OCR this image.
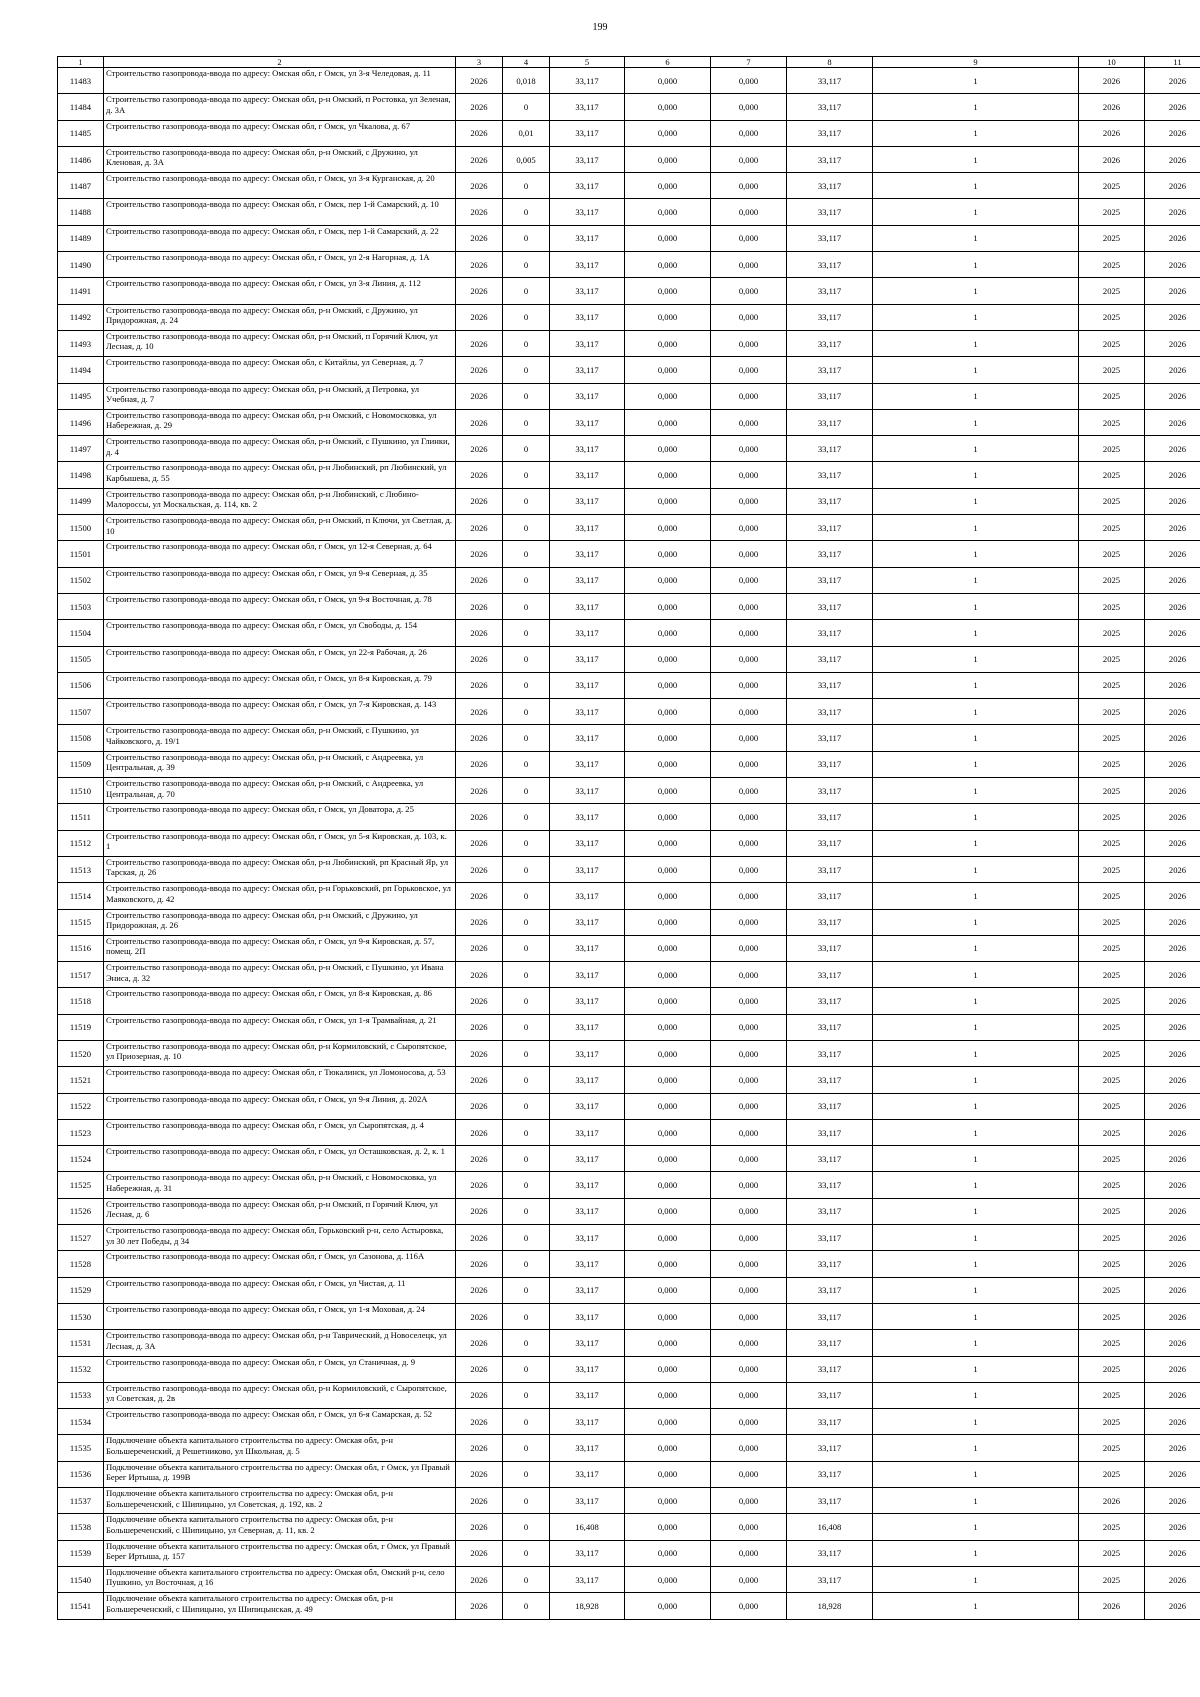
199
1	2	3	4	5	6	7	8	9	10	11
11483	Строительство газопровода-ввода по адресу: Омская обл, г Омск, ул 3-я Челедовая, д. 11	2026	0,018	33,117	0,000	0,000	33,117	1	2026	2026
11484	Строительство газопровода-ввода по адресу: Омская обл, р-н Омский, п Ростовка, ул Зеленая, д. 3А	2026	0	33,117	0,000	0,000	33,117	1	2026	2026
11485	Строительство газопровода-ввода по адресу: Омская обл, г Омск, ул Чкалова, д. 67	2026	0,01	33,117	0,000	0,000	33,117	1	2026	2026
11486	Строительство газопровода-ввода по адресу: Омская обл, р-н Омский, с Дружино, ул Кленовая, д. 3А	2026	0,005	33,117	0,000	0,000	33,117	1	2026	2026
11487	Строительство газопровода-ввода по адресу: Омская обл, г Омск, ул 3-я Курганская, д. 20	2026	0	33,117	0,000	0,000	33,117	1	2025	2026
11488	Строительство газопровода-ввода по адресу: Омская обл, г Омск, пер 1-й Самарский, д. 10	2026	0	33,117	0,000	0,000	33,117	1	2025	2026
11489	Строительство газопровода-ввода по адресу: Омская обл, г Омск, пер 1-й Самарский, д. 22	2026	0	33,117	0,000	0,000	33,117	1	2025	2026
11490	Строительство газопровода-ввода по адресу: Омская обл, г Омск, ул 2-я Нагорная, д. 1А	2026	0	33,117	0,000	0,000	33,117	1	2025	2026
11491	Строительство газопровода-ввода по адресу: Омская обл, г Омск, ул 3-я Линия, д. 112	2026	0	33,117	0,000	0,000	33,117	1	2025	2026
11492	Строительство газопровода-ввода по адресу: Омская обл, р-н Омский, с Дружино, ул Придорожная, д. 24	2026	0	33,117	0,000	0,000	33,117	1	2025	2026
11493	Строительство газопровода-ввода по адресу: Омская обл, р-н Омский, п Горячий Ключ, ул Лесная, д. 10	2026	0	33,117	0,000	0,000	33,117	1	2025	2026
11494	Строительство газопровода-ввода по адресу: Омская обл, с Китайлы, ул Северная, д. 7	2026	0	33,117	0,000	0,000	33,117	1	2025	2026
11495	Строительство газопровода-ввода по адресу: Омская обл, р-н Омский, д Петровка, ул Учебная, д. 7	2026	0	33,117	0,000	0,000	33,117	1	2025	2026
11496	Строительство газопровода-ввода по адресу: Омская обл, р-н Омский, с Новомосковка, ул Набережная, д. 29	2026	0	33,117	0,000	0,000	33,117	1	2025	2026
11497	Строительство газопровода-ввода по адресу: Омская обл, р-н Омский, с Пушкино, ул Глинки, д. 4	2026	0	33,117	0,000	0,000	33,117	1	2025	2026
11498	Строительство газопровода-ввода по адресу: Омская обл, р-н Любинский, рп Любинский, ул Карбышева, д. 55	2026	0	33,117	0,000	0,000	33,117	1	2025	2026
11499	Строительство газопровода-ввода по адресу: Омская обл, р-н Любинский, с Любино-Малороссы, ул Москальская, д. 114, кв. 2	2026	0	33,117	0,000	0,000	33,117	1	2025	2026
11500	Строительство газопровода-ввода по адресу: Омская обл, р-н Омский, п Ключи, ул Светлая, д. 10	2026	0	33,117	0,000	0,000	33,117	1	2025	2026
11501	Строительство газопровода-ввода по адресу: Омская обл, г Омск, ул 12-я Северная, д. 64	2026	0	33,117	0,000	0,000	33,117	1	2025	2026
11502	Строительство газопровода-ввода по адресу: Омская обл, г Омск, ул 9-я Северная, д. 35	2026	0	33,117	0,000	0,000	33,117	1	2025	2026
11503	Строительство газопровода-ввода по адресу: Омская обл, г Омск, ул 9-я Восточная, д. 78	2026	0	33,117	0,000	0,000	33,117	1	2025	2026
11504	Строительство газопровода-ввода по адресу: Омская обл, г Омск, ул Свободы, д. 154	2026	0	33,117	0,000	0,000	33,117	1	2025	2026
11505	Строительство газопровода-ввода по адресу: Омская обл, г Омск, ул 22-я Рабочая, д. 26	2026	0	33,117	0,000	0,000	33,117	1	2025	2026
11506	Строительство газопровода-ввода по адресу: Омская обл, г Омск, ул 8-я Кировская, д. 79	2026	0	33,117	0,000	0,000	33,117	1	2025	2026
11507	Строительство газопровода-ввода по адресу: Омская обл, г Омск, ул 7-я Кировская, д. 143	2026	0	33,117	0,000	0,000	33,117	1	2025	2026
11508	Строительство газопровода-ввода по адресу: Омская обл, р-н Омский, с Пушкино, ул Чайковского, д. 19/1	2026	0	33,117	0,000	0,000	33,117	1	2025	2026
11509	Строительство газопровода-ввода по адресу: Омская обл, р-н Омский, с Андреевка, ул Центральная, д. 39	2026	0	33,117	0,000	0,000	33,117	1	2025	2026
11510	Строительство газопровода-ввода по адресу: Омская обл, р-н Омский, с Андреевка, ул Центральная, д. 70	2026	0	33,117	0,000	0,000	33,117	1	2025	2026
11511	Строительство газопровода-ввода по адресу: Омская обл, г Омск, ул Доватора, д. 25	2026	0	33,117	0,000	0,000	33,117	1	2025	2026
11512	Строительство газопровода-ввода по адресу: Омская обл, г Омск, ул 5-я Кировская, д. 103, к. 1	2026	0	33,117	0,000	0,000	33,117	1	2025	2026
11513	Строительство газопровода-ввода по адресу: Омская обл, р-н Любинский, рп Красный Яр, ул Тарская, д. 26	2026	0	33,117	0,000	0,000	33,117	1	2025	2026
11514	Строительство газопровода-ввода по адресу: Омская обл, р-н Горьковский, рп Горьковское, ул Маяковского, д. 42	2026	0	33,117	0,000	0,000	33,117	1	2025	2026
11515	Строительство газопровода-ввода по адресу: Омская обл, р-н Омский, с Дружино, ул Придорожная, д. 26	2026	0	33,117	0,000	0,000	33,117	1	2025	2026
11516	Строительство газопровода-ввода по адресу: Омская обл, г Омск, ул 9-я Кировская, д. 57, помещ. 2П	2026	0	33,117	0,000	0,000	33,117	1	2025	2026
11517	Строительство газопровода-ввода по адресу: Омская обл, р-н Омский, с Пушкино, ул Ивана Эниса, д. 32	2026	0	33,117	0,000	0,000	33,117	1	2025	2026
11518	Строительство газопровода-ввода по адресу: Омская обл, г Омск, ул 8-я Кировская, д. 86	2026	0	33,117	0,000	0,000	33,117	1	2025	2026
11519	Строительство газопровода-ввода по адресу: Омская обл, г Омск, ул 1-я Трамвайная, д. 21	2026	0	33,117	0,000	0,000	33,117	1	2025	2026
11520	Строительство газопровода-ввода по адресу: Омская обл, р-н Кормиловский, с Сыропятское, ул Приозерная, д. 10	2026	0	33,117	0,000	0,000	33,117	1	2025	2026
11521	Строительство газопровода-ввода по адресу: Омская обл, г Тюкалинск, ул Ломоносова, д. 53	2026	0	33,117	0,000	0,000	33,117	1	2025	2026
11522	Строительство газопровода-ввода по адресу: Омская обл, г Омск, ул 9-я Линия, д. 202А	2026	0	33,117	0,000	0,000	33,117	1	2025	2026
11523	Строительство газопровода-ввода по адресу: Омская обл, г Омск, ул Сыропятская, д. 4	2026	0	33,117	0,000	0,000	33,117	1	2025	2026
11524	Строительство газопровода-ввода по адресу: Омская обл, г Омск, ул Осташковская, д. 2, к. 1	2026	0	33,117	0,000	0,000	33,117	1	2025	2026
11525	Строительство газопровода-ввода по адресу: Омская обл, р-н Омский, с Новомосковка, ул Набережная, д. 31	2026	0	33,117	0,000	0,000	33,117	1	2025	2026
11526	Строительство газопровода-ввода по адресу: Омская обл, р-н Омский, п Горячий Ключ, ул Лесная, д. 6	2026	0	33,117	0,000	0,000	33,117	1	2025	2026
11527	Строительство газопровода-ввода по адресу: Омская обл, Горьковский р-н, село Астыровка, ул 30 лет Победы, д 34	2026	0	33,117	0,000	0,000	33,117	1	2025	2026
11528	Строительство газопровода-ввода по адресу: Омская обл, г Омск, ул Сазонова, д. 116А	2026	0	33,117	0,000	0,000	33,117	1	2025	2026
11529	Строительство газопровода-ввода по адресу: Омская обл, г Омск, ул Чистая, д. 11	2026	0	33,117	0,000	0,000	33,117	1	2025	2026
11530	Строительство газопровода-ввода по адресу: Омская обл, г Омск, ул 1-я Моховая, д. 24	2026	0	33,117	0,000	0,000	33,117	1	2025	2026
11531	Строительство газопровода-ввода по адресу: Омская обл, р-н Таврический, д Новоселецк, ул Лесная, д. 3А	2026	0	33,117	0,000	0,000	33,117	1	2025	2026
11532	Строительство газопровода-ввода по адресу: Омская обл, г Омск, ул Станичная, д. 9	2026	0	33,117	0,000	0,000	33,117	1	2025	2026
11533	Строительство газопровода-ввода по адресу: Омская обл, р-н Кормиловский, с Сыропятское, ул Советская, д. 2в	2026	0	33,117	0,000	0,000	33,117	1	2025	2026
11534	Строительство газопровода-ввода по адресу: Омская обл, г Омск, ул 6-я Самарская, д. 52	2026	0	33,117	0,000	0,000	33,117	1	2025	2026
11535	Подключение объекта капитального строительства по адресу: Омская обл, р-н Большереченский, д Решетниково, ул Школьная, д. 5	2026	0	33,117	0,000	0,000	33,117	1	2025	2026
11536	Подключение объекта капитального строительства по адресу: Омская обл, г Омск, ул Правый Берег Иртыша, д. 199В	2026	0	33,117	0,000	0,000	33,117	1	2025	2026
11537	Подключение объекта капитального строительства по адресу: Омская обл, р-н Большереченский, с Шипицыно, ул Советская, д. 192, кв. 2	2026	0	33,117	0,000	0,000	33,117	1	2026	2026
11538	Подключение объекта капитального строительства по адресу: Омская обл, р-н Большереченский, с Шипицыно, ул Северная, д. 11, кв. 2	2026	0	16,408	0,000	0,000	16,408	1	2025	2026
11539	Подключение объекта капитального строительства по адресу: Омская обл, г Омск, ул Правый Берег Иртыша, д. 157	2026	0	33,117	0,000	0,000	33,117	1	2025	2026
11540	Подключение объекта капитального строительства по адресу: Омская обл, Омский р-н, село Пушкино, ул Восточная, д 16	2026	0	33,117	0,000	0,000	33,117	1	2025	2026
11541	Подключение объекта капитального строительства по адресу: Омская обл, р-н Большереченский, с Шипицыно, ул Шипицынская, д. 49	2026	0	18,928	0,000	0,000	18,928	1	2026	2026
